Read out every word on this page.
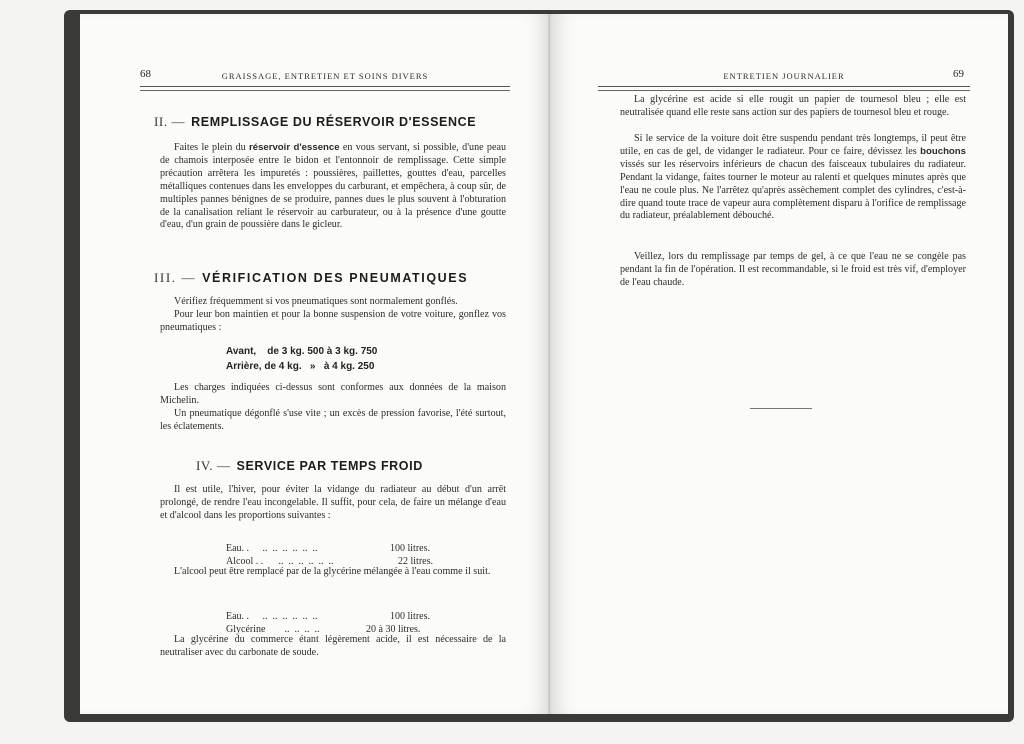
68	GRAISSAGE, ENTRETIEN ET SOINS DIVERS
II. — REMPLISSAGE DU RÉSERVOIR D'ESSENCE

Faites le plein du réservoir d'essence en vous servant, si possible, d'une peau de chamois interposée entre le bidon et l'entonnoir de remplissage. Cette simple précaution arrêtera les impuretés : poussières, paillettes, gouttes d'eau, parcelles métalliques contenues dans les enveloppes du carburant, et empêchera, à coup sûr, de multiples pannes bénignes de se produire, pannes dues le plus souvent à l'obturation de la canalisation reliant le réservoir au carburateur, ou à la présence d'une goutte d'eau, d'un grain de poussière dans le gicleur.

III. — VÉRIFICATION DES PNEUMATIQUES

Vérifiez fréquemment si vos pneumatiques sont normalement gonflés.

Pour leur bon maintien et pour la bonne suspension de votre voiture, gonflez vos pneumatiques :

Avant,    de 3 kg. 500 à 3 kg. 750
Arrière, de 4 kg.   »   à 4 kg. 250

Les charges indiquées ci-dessus sont conformes aux données de la maison Michelin.

Un pneumatique dégonflé s'use vite ; un excès de pression favorise, l'été surtout, les éclatements.

IV. — SERVICE PAR TEMPS FROID

Il est utile, l'hiver, pour éviter la vidange du radiateur au début d'un arrêt prolongé, de rendre l'eau incongelable. Il suffit, pour cela, de faire un mélange d'eau et d'alcool dans les proportions suivantes :

Eau. . ..  ..  ..  ..  ..  ..	100 litres.

Alcool . . ..  ..  ..  ..  ..  ..	22 litres.

L'alcool peut être remplacé par de la glycérine mélangée à l'eau comme il suit.

Eau. . ..  ..  ..  ..  ..  ..	100 litres.

Glycérine ..  ..  ..  ..	20 à 30 litres.

La glycérine du commerce étant légèrement acide, il est nécessaire de la neutraliser avec du carbonate de soude.

ENTRETIEN JOURNALIER	69

La glycérine est acide si elle rougit un papier de tournesol bleu ; elle est neutralisée quand elle reste sans action sur des papiers de tournesol bleu et rouge.

Si le service de la voiture doit être suspendu pendant très longtemps, il peut être utile, en cas de gel, de vidanger le radiateur. Pour ce faire, dévissez les bouchons vissés sur les réservoirs inférieurs de chacun des faisceaux tubulaires du radiateur. Pendant la vidange, faites tourner le moteur au ralenti et quelques minutes après que l'eau ne coule plus. Ne l'arrêtez qu'après assèchement complet des cylindres, c'est-à-dire quand toute trace de vapeur aura complètement disparu à l'orifice de remplissage du radiateur, préalablement débouché.

Veillez, lors du remplissage par temps de gel, à ce que l'eau ne se congèle pas pendant la fin de l'opération. Il est recommandable, si le froid est très vif, d'employer de l'eau chaude.
